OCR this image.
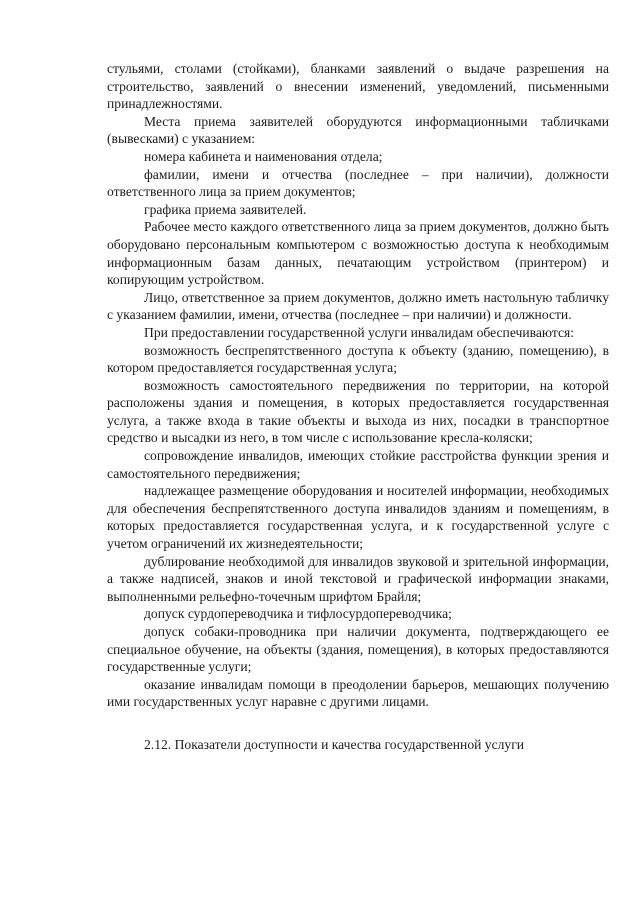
стульями, столами (стойками), бланками заявлений о выдаче разрешения на строительство, заявлений о внесении изменений, уведомлений, письменными принадлежностями.

Места приема заявителей оборудуются информационными табличками (вывесками) с указанием:

номера кабинета и наименования отдела;

фамилии, имени и отчества (последнее – при наличии), должности ответственного лица за прием документов;

графика приема заявителей.

Рабочее место каждого ответственного лица за прием документов, должно быть оборудовано персональным компьютером с возможностью доступа к необходимым информационным базам данных, печатающим устройством (принтером) и копирующим устройством.

Лицо, ответственное за прием документов, должно иметь настольную табличку с указанием фамилии, имени, отчества (последнее – при наличии) и должности.

При предоставлении государственной услуги инвалидам обеспечиваются:

возможность беспрепятственного доступа к объекту (зданию, помещению), в котором предоставляется государственная услуга;

возможность самостоятельного передвижения по территории, на которой расположены здания и помещения, в которых предоставляется государственная услуга, а также входа в такие объекты и выхода из них, посадки в транспортное средство и высадки из него, в том числе с использование кресла-коляски;

сопровождение инвалидов, имеющих стойкие расстройства функции зрения и самостоятельного передвижения;

надлежащее размещение оборудования и носителей информации, необходимых для обеспечения беспрепятственного доступа инвалидов зданиям и помещениям, в которых предоставляется государственная услуга, и к государственной услуге с учетом ограничений их жизнедеятельности;

дублирование необходимой для инвалидов звуковой и зрительной информации, а также надписей, знаков и иной текстовой и графической информации знаками, выполненными рельефно-точечным шрифтом Брайля;

допуск сурдопереводчика и тифлосурдопереводчика;

допуск собаки-проводника при наличии документа, подтверждающего ее специальное обучение, на объекты (здания, помещения), в которых предоставляются государственные услуги;

оказание инвалидам помощи в преодолении барьеров, мешающих получению ими государственных услуг наравне с другими лицами.

2.12. Показатели доступности и качества государственной услуги
